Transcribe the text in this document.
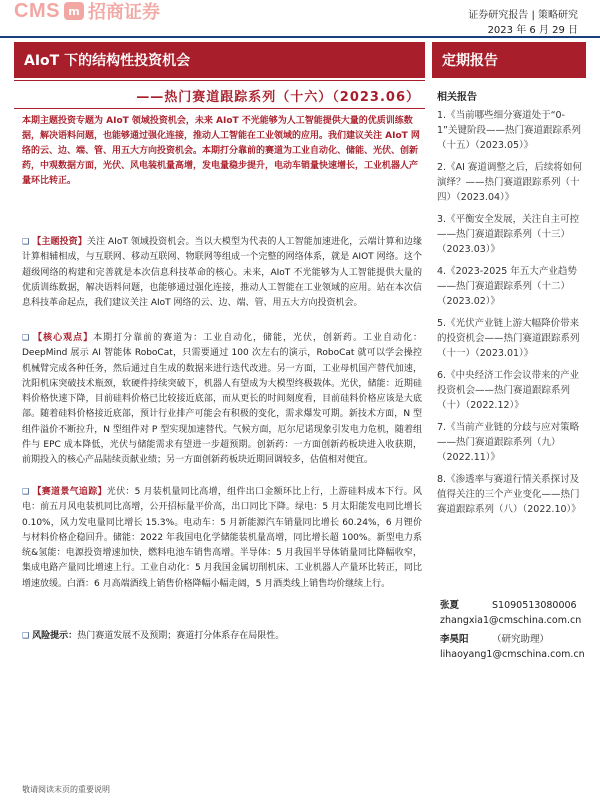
CMS m 招商证券	证券研究报告 | 策略研究
2023 年 6 月 29 日
AIoT 下的结构性投资机会
——热门赛道跟踪系列（十六）（2023.06）
定期报告
相关报告
1.《当前哪些细分赛道处于“0-1”关键阶段——热门赛道跟踪系列（十五）（2023.05）》
2.《AI 赛道调整之后，后续将如何演绎？——热门赛道跟踪系列（十四）（2023.04）》
3.《平衡安全发展，关注自主可控——热门赛道跟踪系列（十三）（2023.03）》
4.《2023-2025 年五大产业趋势——热门赛道跟踪系列（十二）（2023.02）》
5.《光伏产业链上游大幅降价带来的投资机会——热门赛道跟踪系列（十一）（2023.01）》
6.《中央经济工作会议带来的产业投资机会——热门赛道跟踪系列（十）（2022.12）》
7.《当前产业链的分歧与应对策略——热门赛道跟踪系列（九）（2022.11）》
8.《渗透率与赛道行情关系探讨及值得关注的三个产业变化——热门赛道跟踪系列（八）（2022.10）》
张夏	S1090513080006
zhangxia1@cmschina.com.cn
李昊阳 （研究助理）
lihaoyang1@cmschina.com.cn

本期主题投资专题为 AIoT 领域投资机会，未来 AIoT 不光能够为人工智能提供大量的优质训练数据，解决语料问题，也能够通过强化连接，推动人工智能在工业领域的应用。我们建议关注 AIoT 网络的云、边、端、管、用五大方向投资机会。本期打分靠前的赛道为工业自动化、储能、光伏、创新药，中观数据方面，光伏、风电装机量高增，发电量稳步提升，电动车销量快速增长，工业机器人产量环比转正。

❑ 【主题投资】关注 AIoT 领域投资机会。当以大模型为代表的人工智能加速进化，云端计算和边缘计算相辅相成，与互联网、移动互联网、物联网等组成一个完整的网络体系，就是 AIOT 网络。这个超级网络的构建和完善就是本次信息科技革命的核心。未来，AIoT 不光能够为人工智能提供大量的优质训练数据，解决语料问题，也能够通过强化连接，推动人工智能在工业领域的应用。站在本次信息科技革命起点，我们建议关注 AIoT 网络的云、边、端、管、用五大方向投资机会。

❑ 【核心观点】本期打分靠前的赛道为：工业自动化，储能，光伏，创新药。工业自动化：DeepMind 展示 AI 智能体 RoboCat，只需要通过 100 次左右的演示，RoboCat 就可以学会操控机械臂完成各种任务，然后通过自生成的数据来进行迭代改进。另一方面，工业母机国产替代加速，沈阳机床突破技术瓶颈，软硬件持续突破下，机器人有望成为大模型终极载体。光伏，储能：近期硅料价格快速下降，目前硅料价格已比较接近底部，而从更长的时间刻度看，目前硅料价格应该是大底部。随着硅料价格接近底部，预计行业排产可能会有积极的变化，需求爆发可期。新技术方面，N 型组件溢价不断拉升，N 型组件对 P 型实现加速替代。气候方面，厄尔尼诺现象引发电力危机，随着组件与 EPC 成本降低，光伏与储能需求有望进一步超预期。创新药：一方面创新药板块进入收获期，前期投入的核心产品陆续贡献业绩；另一方面创新药板块近期回调较多，估值相对便宜。

❑ 【赛道景气追踪】光伏：5 月装机量同比高增，组件出口金额环比上行，上游硅料成本下行。风电：前五月风电装机同比高增，公开招标量平价高，出口同比下降。绿电：5 月太阳能发电同比增长 0.10%，风力发电量同比增长 15.3%。电动车：5 月新能源汽车销量同比增长 60.24%，6 月锂价与材料价格企稳回升。储能：2022 年我国电化学储能装机量高增，同比增长超 100%。新型电力系统&氢能：电源投资增速加快，燃料电池车销售高增。半导体：5 月我国半导体销量同比降幅收窄，集成电路产量同比增速上行。工业自动化：5 月我国金属切削机床、工业机器人产量环比转正，同比增速放缓。白酒：6 月高端酒线上销售价格降幅小幅走阔，5 月酒类线上销售均价继续上行。

❑ 风险提示：热门赛道发展不及预期；赛道打分体系存在局限性。

敬请阅读末页的重要说明
